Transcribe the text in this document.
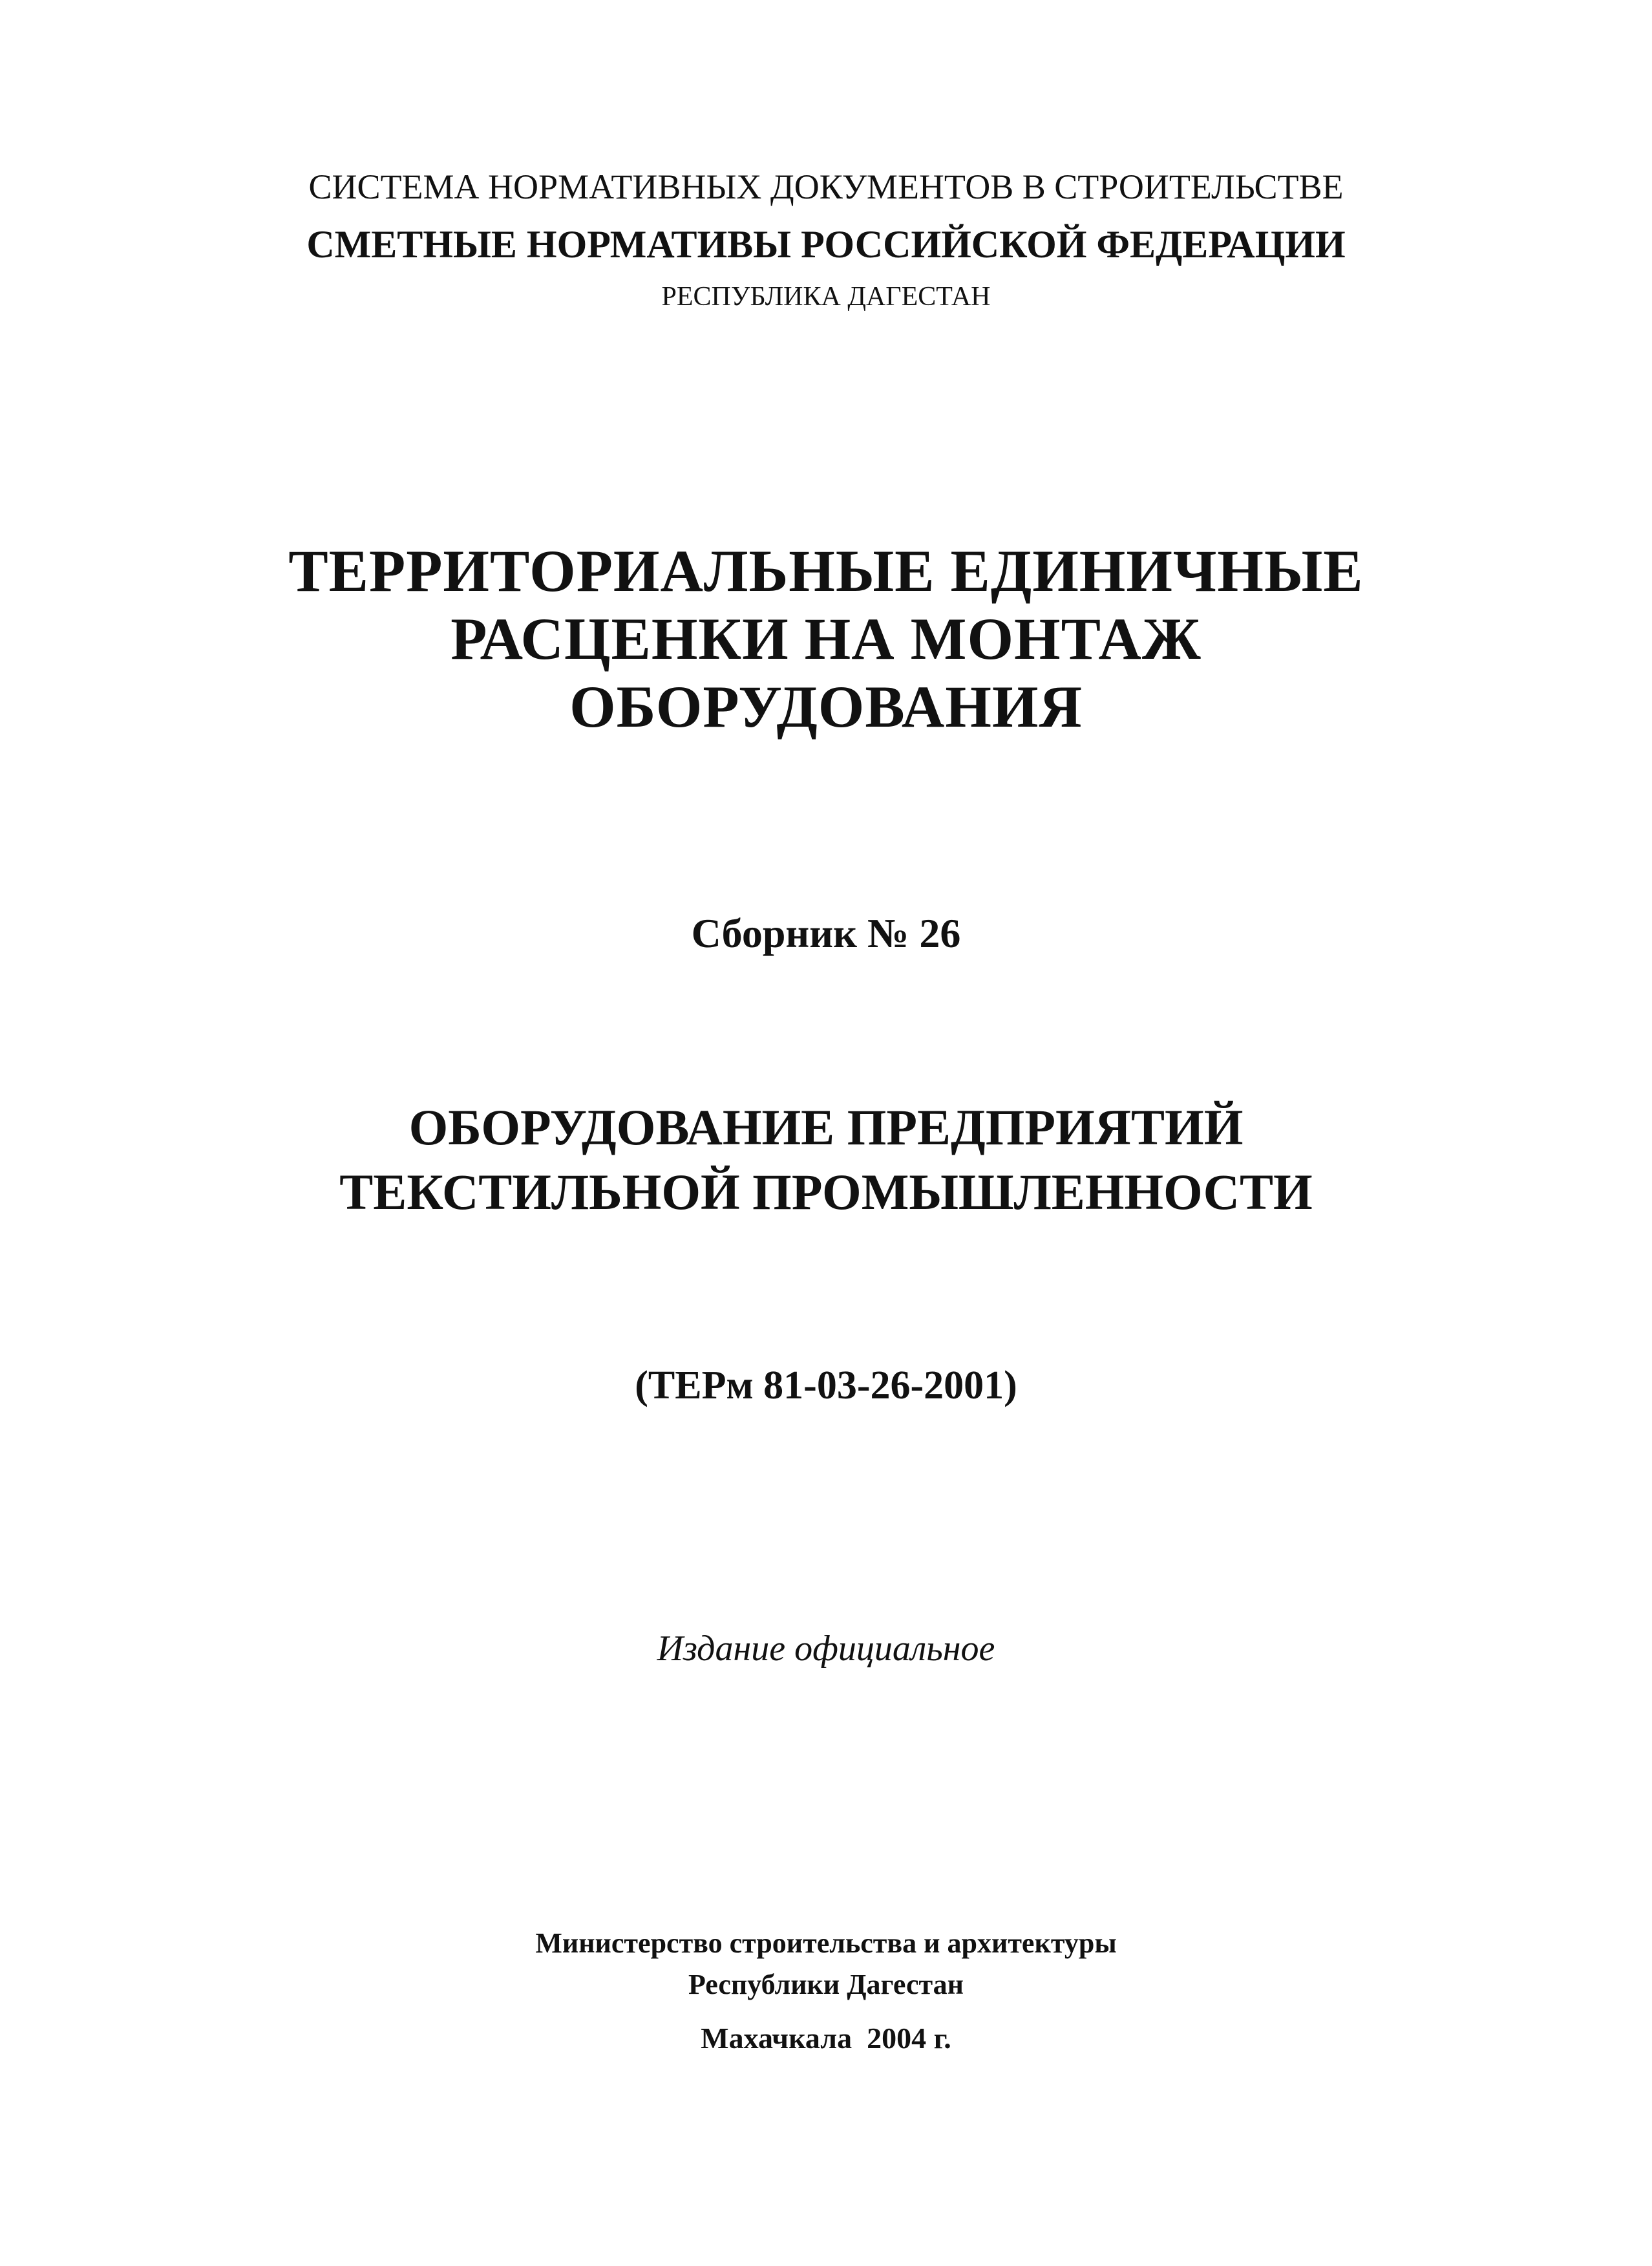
СИСТЕМА НОРМАТИВНЫХ ДОКУМЕНТОВ В СТРОИТЕЛЬСТВЕ
СМЕТНЫЕ НОРМАТИВЫ РОССИЙСКОЙ ФЕДЕРАЦИИ
РЕСПУБЛИКА ДАГЕСТАН
ТЕРРИТОРИАЛЬНЫЕ ЕДИНИЧНЫЕ
РАСЦЕНКИ НА МОНТАЖ
ОБОРУДОВАНИЯ
Сборник № 26
ОБОРУДОВАНИЕ ПРЕДПРИЯТИЙ
ТЕКСТИЛЬНОЙ ПРОМЫШЛЕННОСТИ
(ТЕРм 81-03-26-2001)
Издание официальное
Министерство строительства и архитектуры
Республики Дагестан
Махачкала  2004 г.
